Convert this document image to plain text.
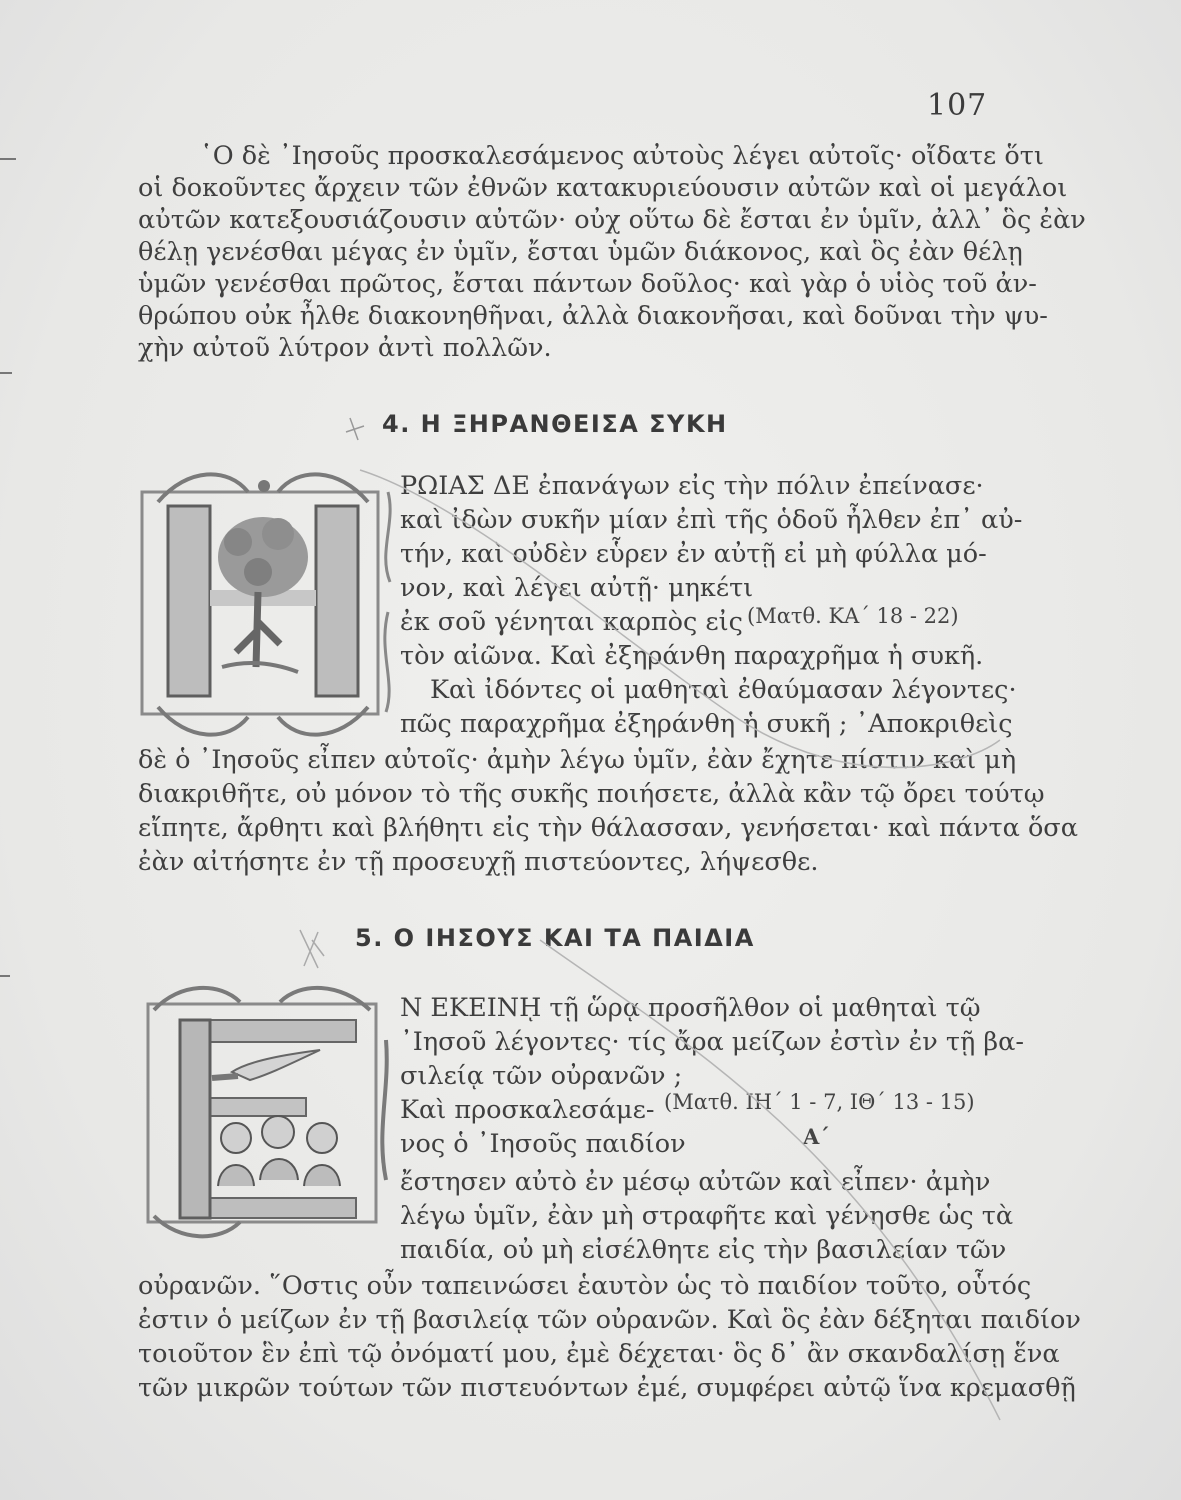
107
῾Ο δὲ ᾿Ιησοῦς προσκαλεσάμενος αὐτοὺς λέγει αὐτοῖς· οἴδατε ὅτι
οἱ δοκοῦντες ἄρχειν τῶν ἐθνῶν κατακυριεύουσιν αὐτῶν καὶ οἱ μεγάλοι
αὐτῶν κατεξουσιάζουσιν αὐτῶν· οὐχ οὕτω δὲ ἔσται ἐν ὑμῖν, ἀλλ᾿ ὃς ἐὰν
θέλῃ γενέσθαι μέγας ἐν ὑμῖν, ἔσται ὑμῶν διάκονος, καὶ ὃς ἐὰν θέλῃ
ὑμῶν γενέσθαι πρῶτος, ἔσται πάντων δοῦλος· καὶ γὰρ ὁ υἱὸς τοῦ ἀν-
θρώπου οὐκ ἦλθε διακονηθῆναι, ἀλλὰ διακονῆσαι, καὶ δοῦναι τὴν ψυ-
χὴν αὐτοῦ λύτρον ἀντὶ πολλῶν.
4. Η ΞΗΡΑΝΘΕΙΣΑ ΣΥΚΗ
ΡΩΙΑΣ ΔΕ ἐπανάγων εἰς τὴν πόλιν ἐπείνασε·
καὶ ἰδὼν συκῆν μίαν ἐπὶ τῆς ὁδοῦ ἦλθεν ἐπ᾿ αὐ-
τήν, καὶ οὐδὲν εὗρεν ἐν αὐτῇ εἰ μὴ φύλλα μό-
νον, καὶ λέγει αὐτῇ· μηκέτι
ἐκ σοῦ γένηται καρπὸς εἰς (Ματθ. ΚΑ΄ 18 - 22)
τὸν αἰῶνα. Καὶ ἐξηράνθη παραχρῆμα ἡ συκῆ.
Καὶ ἰδόντες οἱ μαθηταὶ ἐθαύμασαν λέγοντες·
πῶς παραχρῆμα ἐξηράνθη ἡ συκῆ ; ᾿Αποκριθεὶς
δὲ ὁ ᾿Ιησοῦς εἶπεν αὐτοῖς· ἀμὴν λέγω ὑμῖν, ἐὰν ἔχητε πίστιν καὶ μὴ
διακριθῆτε, οὐ μόνον τὸ τῆς συκῆς ποιήσετε, ἀλλὰ κἂν τῷ ὄρει τούτῳ
εἴπητε, ἄρθητι καὶ βλήθητι εἰς τὴν θάλασσαν, γενήσεται· καὶ πάντα ὅσα
ἐὰν αἰτήσητε ἐν τῇ προσευχῇ πιστεύοντες, λήψεσθε.
5. Ο ΙΗΣΟΥΣ ΚΑΙ ΤΑ ΠΑΙΔΙΑ
Ν ΕΚΕΙΝῌ τῇ ὥρᾳ προσῆλθον οἱ μαθηταὶ τῷ
᾿Ιησοῦ λέγοντες· τίς ἄρα μείζων ἐστὶν ἐν τῇ βα-
σιλείᾳ τῶν οὐρανῶν ;
Καὶ προσκαλεσάμε- (Ματθ. ΙΗ΄ 1 - 7, ΙΘ΄ 13 - 15)
Α΄
νος ὁ ᾿Ιησοῦς παιδίον
ἔστησεν αὐτὸ ἐν μέσῳ αὐτῶν καὶ εἶπεν· ἀμὴν
λέγω ὑμῖν, ἐὰν μὴ στραφῆτε καὶ γένησθε ὡς τὰ
παιδία, οὐ μὴ εἰσέλθητε εἰς τὴν βασιλείαν τῶν
οὐρανῶν. ῞Οστις οὖν ταπεινώσει ἑαυτὸν ὡς τὸ παιδίον τοῦτο, οὗτός
ἐστιν ὁ μείζων ἐν τῇ βασιλείᾳ τῶν οὐρανῶν. Καὶ ὃς ἐὰν δέξηται παιδίον
τοιοῦτον ἓν ἐπὶ τῷ ὀνόματί μου, ἐμὲ δέχεται· ὃς δ᾿ ἂν σκανδαλίσῃ ἕνα
τῶν μικρῶν τούτων τῶν πιστευόντων ἐμέ, συμφέρει αὐτῷ ἵνα κρεμασθῇ
